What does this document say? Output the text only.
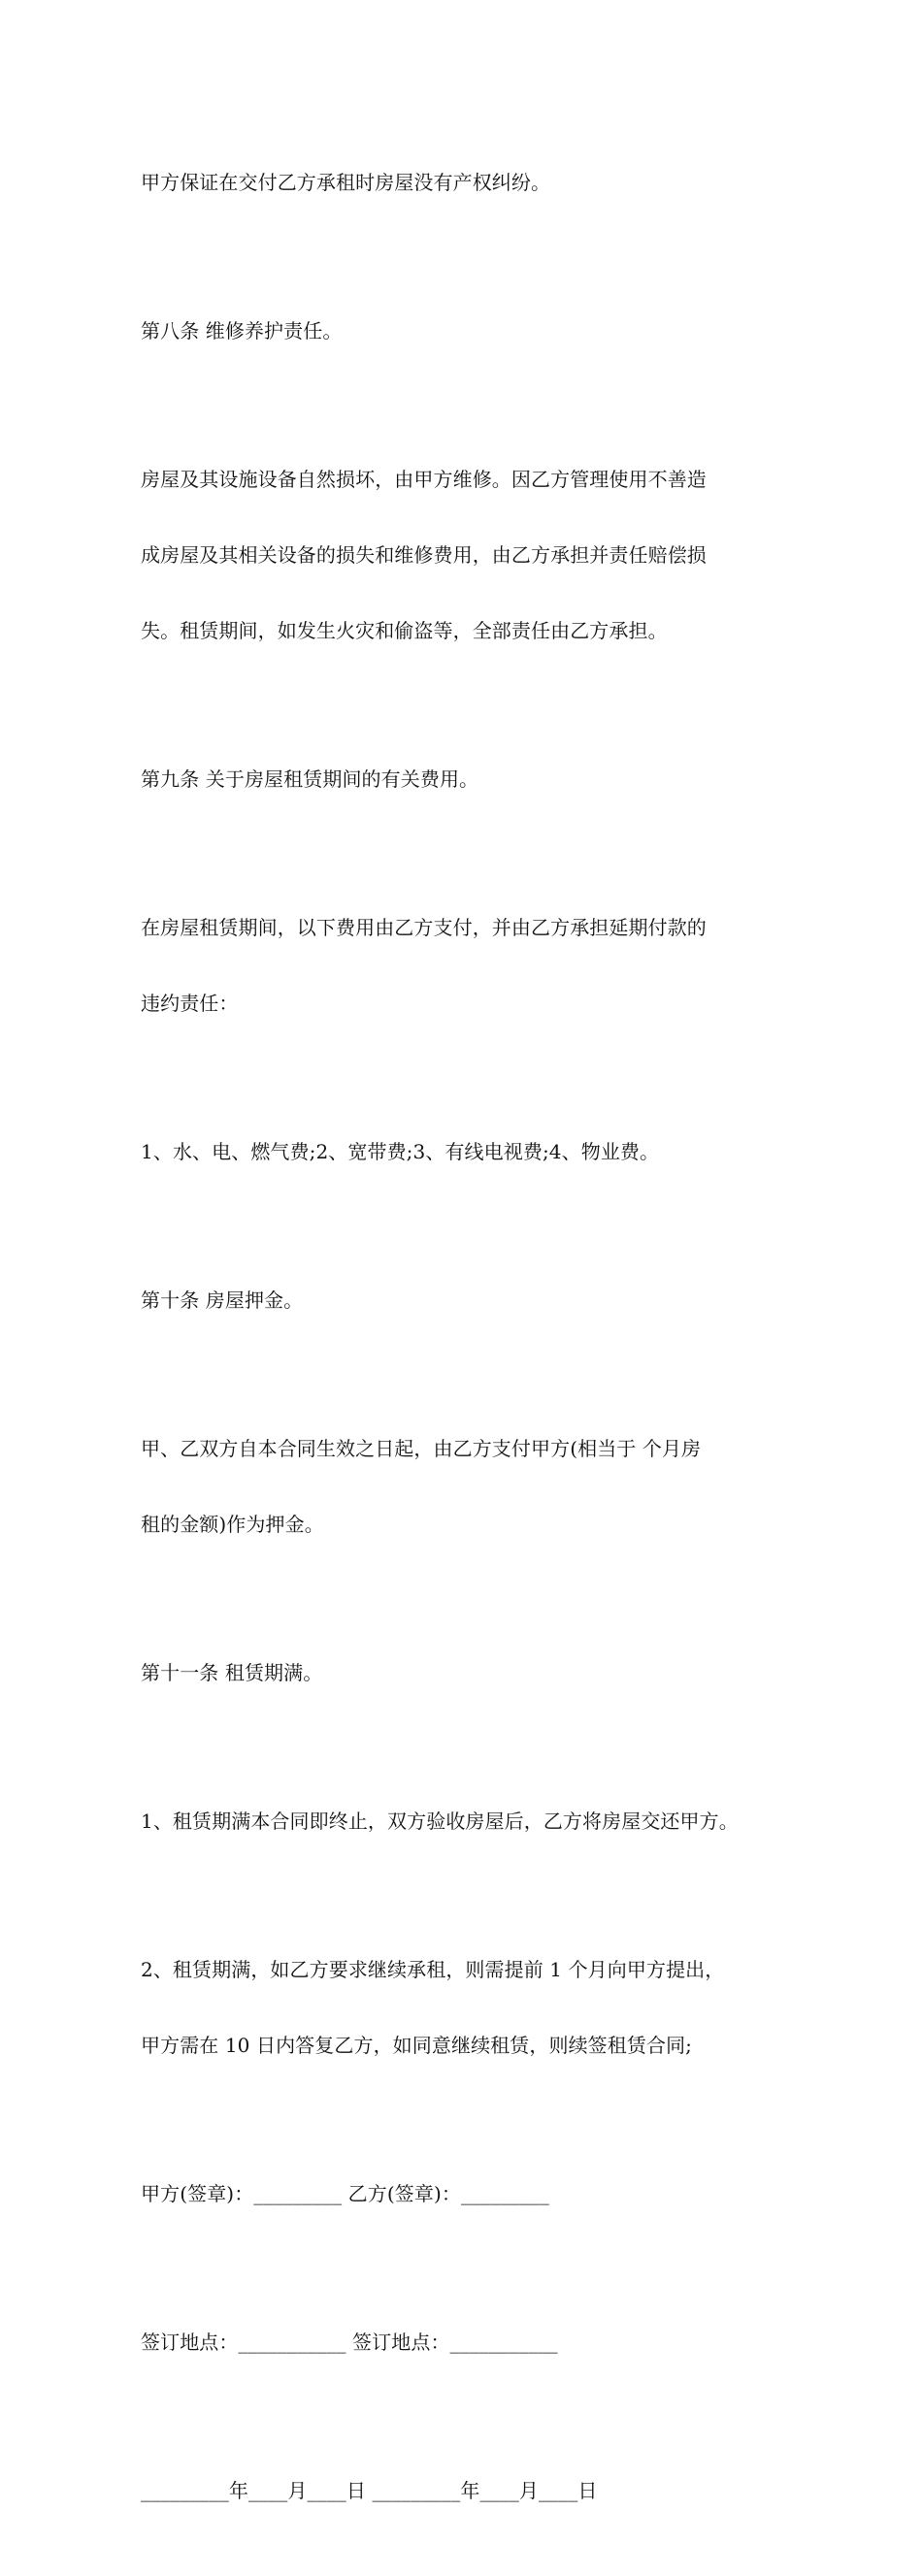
甲方保证在交付乙方承租时房屋没有产权纠纷。

第八条 维修养护责任。

房屋及其设施设备自然损坏，由甲方维修。因乙方管理使用不善造

成房屋及其相关设备的损失和维修费用，由乙方承担并责任赔偿损

失。租赁期间，如发生火灾和偷盗等，全部责任由乙方承担。

第九条 关于房屋租赁期间的有关费用。

在房屋租赁期间，以下费用由乙方支付，并由乙方承担延期付款的

违约责任：

1、水、电、燃气费;2、宽带费;3、有线电视费;4、物业费。

第十条 房屋押金。

甲、乙双方自本合同生效之日起，由乙方支付甲方(相当于 个月房

租的金额)作为押金。

第十一条 租赁期满。

1、租赁期满本合同即终止，双方验收房屋后，乙方将房屋交还甲方。

2、租赁期满，如乙方要求继续承租，则需提前 1 个月向甲方提出，

甲方需在 10 日内答复乙方，如同意继续租赁，则续签租赁合同;

甲方(签章)：_________ 乙方(签章)：_________

签订地点：___________ 签订地点：___________

_________年____月____日 _________年____月____日
